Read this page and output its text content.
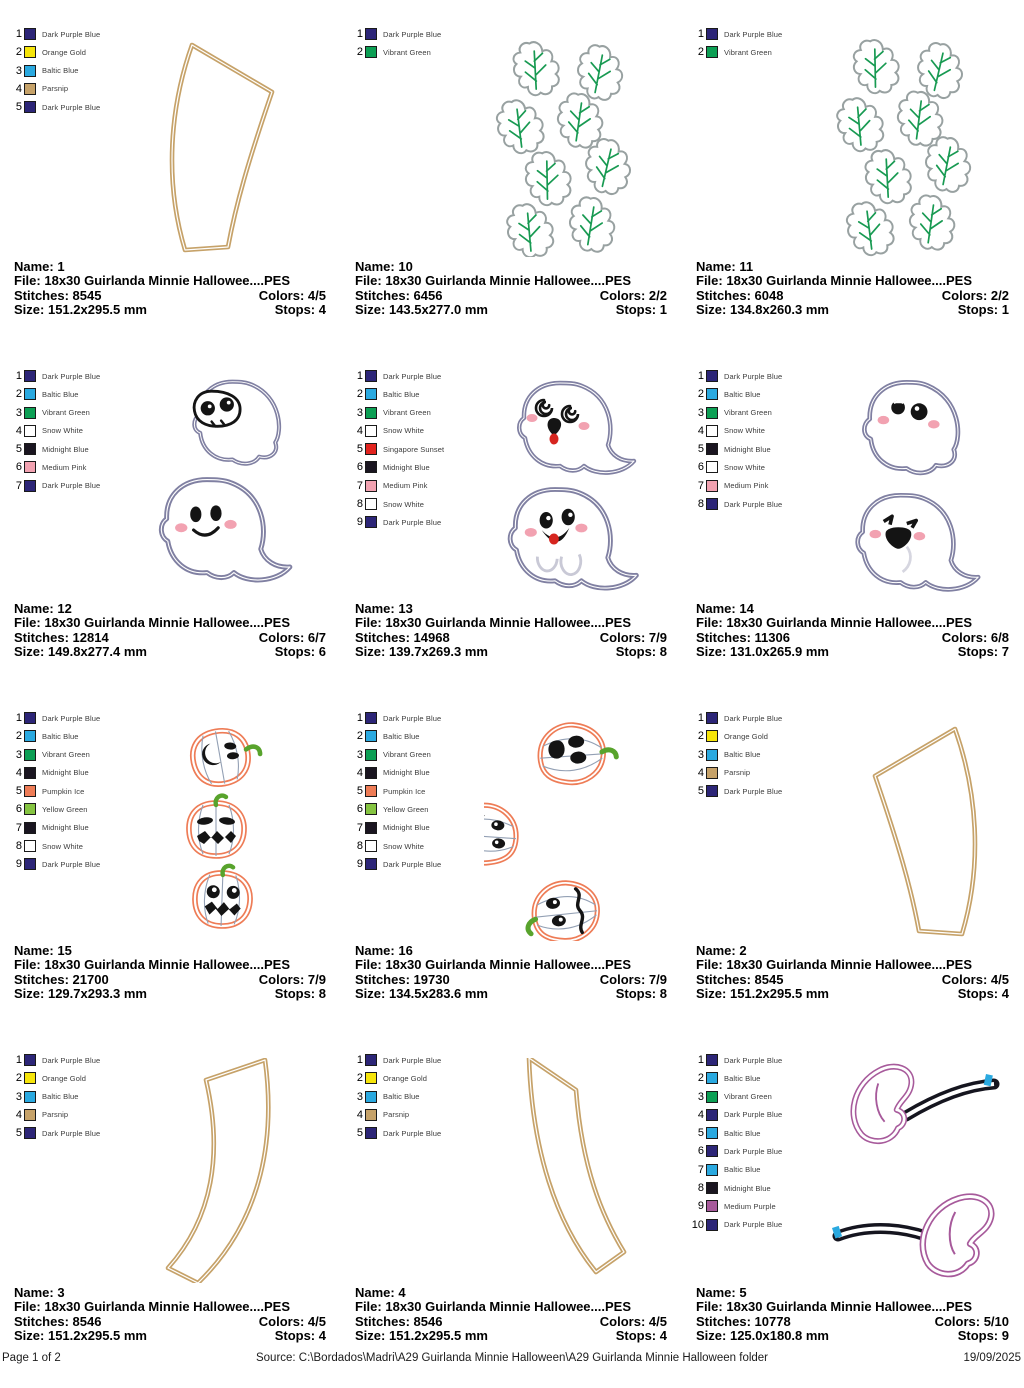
1	Dark Purple Blue
2	Orange Gold
3	Baltic Blue
4	Parsnip
5	Dark Purple Blue
Name: 1
File: 18x30 Guirlanda Minnie Hallowee....PES
Stitches: 8545	Colors: 4/5
Size: 151.2x295.5 mm	Stops: 4
1	Dark Purple Blue
2	Vibrant Green
Name: 10
File: 18x30 Guirlanda Minnie Hallowee....PES
Stitches: 6456	Colors: 2/2
Size: 143.5x277.0 mm	Stops: 1
1	Dark Purple Blue
2	Vibrant Green
Name: 11
File: 18x30 Guirlanda Minnie Hallowee....PES
Stitches: 6048	Colors: 2/2
Size: 134.8x260.3 mm	Stops: 1
1	Dark Purple Blue
2	Baltic Blue
3	Vibrant Green
4	Snow White
5	Midnight Blue
6	Medium Pink
7	Dark Purple Blue
Name: 12
File: 18x30 Guirlanda Minnie Hallowee....PES
Stitches: 12814	Colors: 6/7
Size: 149.8x277.4 mm	Stops: 6
1	Dark Purple Blue
2	Baltic Blue
3	Vibrant Green
4	Snow White
5	Singapore Sunset
6	Midnight Blue
7	Medium Pink
8	Snow White
9	Dark Purple Blue
Name: 13
File: 18x30 Guirlanda Minnie Hallowee....PES
Stitches: 14968	Colors: 7/9
Size: 139.7x269.3 mm	Stops: 8
1	Dark Purple Blue
2	Baltic Blue
3	Vibrant Green
4	Snow White
5	Midnight Blue
6	Snow White
7	Medium Pink
8	Dark Purple Blue
Name: 14
File: 18x30 Guirlanda Minnie Hallowee....PES
Stitches: 11306	Colors: 6/8
Size: 131.0x265.9 mm	Stops: 7
1	Dark Purple Blue
2	Baltic Blue
3	Vibrant Green
4	Midnight Blue
5	Pumpkin Ice
6	Yellow Green
7	Midnight Blue
8	Snow White
9	Dark Purple Blue
Name: 15
File: 18x30 Guirlanda Minnie Hallowee....PES
Stitches: 21700	Colors: 7/9
Size: 129.7x293.3 mm	Stops: 8
1	Dark Purple Blue
2	Baltic Blue
3	Vibrant Green
4	Midnight Blue
5	Pumpkin Ice
6	Yellow Green
7	Midnight Blue
8	Snow White
9	Dark Purple Blue
Name: 16
File: 18x30 Guirlanda Minnie Hallowee....PES
Stitches: 19730	Colors: 7/9
Size: 134.5x283.6 mm	Stops: 8
1	Dark Purple Blue
2	Orange Gold
3	Baltic Blue
4	Parsnip
5	Dark Purple Blue
Name: 2
File: 18x30 Guirlanda Minnie Hallowee....PES
Stitches: 8545	Colors: 4/5
Size: 151.2x295.5 mm	Stops: 4
1	Dark Purple Blue
2	Orange Gold
3	Baltic Blue
4	Parsnip
5	Dark Purple Blue
Name: 3
File: 18x30 Guirlanda Minnie Hallowee....PES
Stitches: 8546	Colors: 4/5
Size: 151.2x295.5 mm	Stops: 4
1	Dark Purple Blue
2	Orange Gold
3	Baltic Blue
4	Parsnip
5	Dark Purple Blue
Name: 4
File: 18x30 Guirlanda Minnie Hallowee....PES
Stitches: 8546	Colors: 4/5
Size: 151.2x295.5 mm	Stops: 4
1	Dark Purple Blue
2	Baltic Blue
3	Vibrant Green
4	Dark Purple Blue
5	Baltic Blue
6	Dark Purple Blue
7	Baltic Blue
8	Midnight Blue
9	Medium Purple
10	Dark Purple Blue
Name: 5
File: 18x30 Guirlanda Minnie Hallowee....PES
Stitches: 10778	Colors: 5/10
Size: 125.0x180.8 mm	Stops: 9
Page 1 of 2	Source: C:\Bordados\Madri\A29 Guirlanda Minnie Halloween\A29 Guirlanda Minnie Halloween folder	19/09/2025
